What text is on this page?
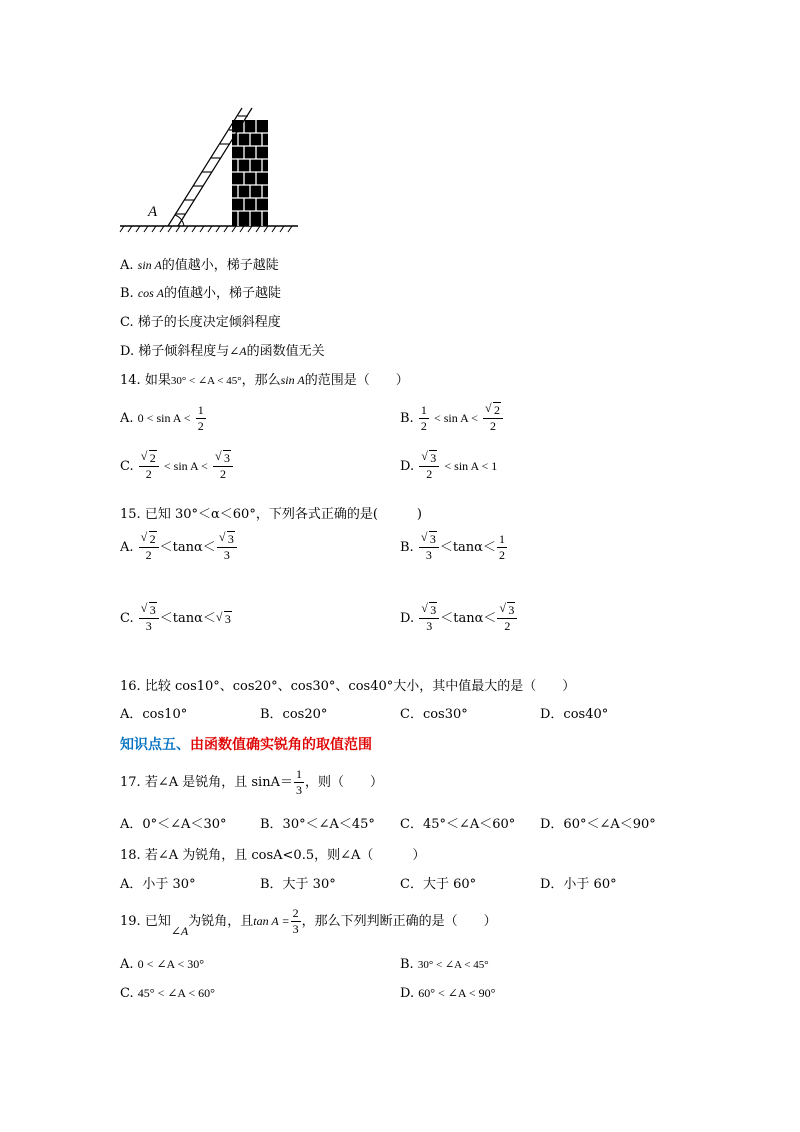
A
A. sin A的值越小，梯子越陡
B. cos A的值越小，梯子越陡
C. 梯子的长度决定倾斜程度
D. 梯子倾斜程度与∠A的函数值无关
14. 如果30° < ∠A < 45°，那么sin A的范围是（　　）
A. $0 < \sin A < \frac{1}{2}$	B. $\frac{1}{2} < \sin A < \frac{√ 2}{2}$
C. $\frac{√ 2}{2} < \sin A < \frac{√ 3}{2}$	D. $\frac{√ 3}{2} < \sin A < 1$
15. 已知 30°＜α＜60°，下列各式正确的是(　　　)
A. $\frac{√ 2}{2} <\tan\alpha< \frac{√ 3}{3}$	B. $\frac{√ 3}{3} <\tan\alpha< \frac{1}{2}$
C. $\frac{√ 3}{3} <\tan\alpha<$ √ 3	D. $\frac{√ 3}{3} <\tan\alpha< \frac{√ 3}{2}$
16. 比较 cos10°、cos20°、cos30°、cos40°大小，其中值最大的是（　　）
A．cos10°	B．cos20°	C．cos30°	D．cos40°
知识点五、由函数值确实锐角的取值范围
17. 若∠A 是锐角，且 $\sin A= \frac{1}{3}$ ，则（　　）
A．0°＜∠A＜30°	B．30°＜∠A＜45° C．45°＜∠A＜60° D．60°＜∠A＜90°
18. 若∠A 为锐角，且 cosA<0.5，则∠A（　　　）
A．小于 30°	B．大于 30°	C．大于 60°	D．小于 60°
19. 已知∠A为锐角，且$\tan A = \frac{2}{3}$ ，那么下列判断正确的是（　　）
A. 0 < ∠A < 30°	B. 30° < ∠A < 45°
C. 45° < ∠A < 60°	D. 60° < ∠A < 90°
